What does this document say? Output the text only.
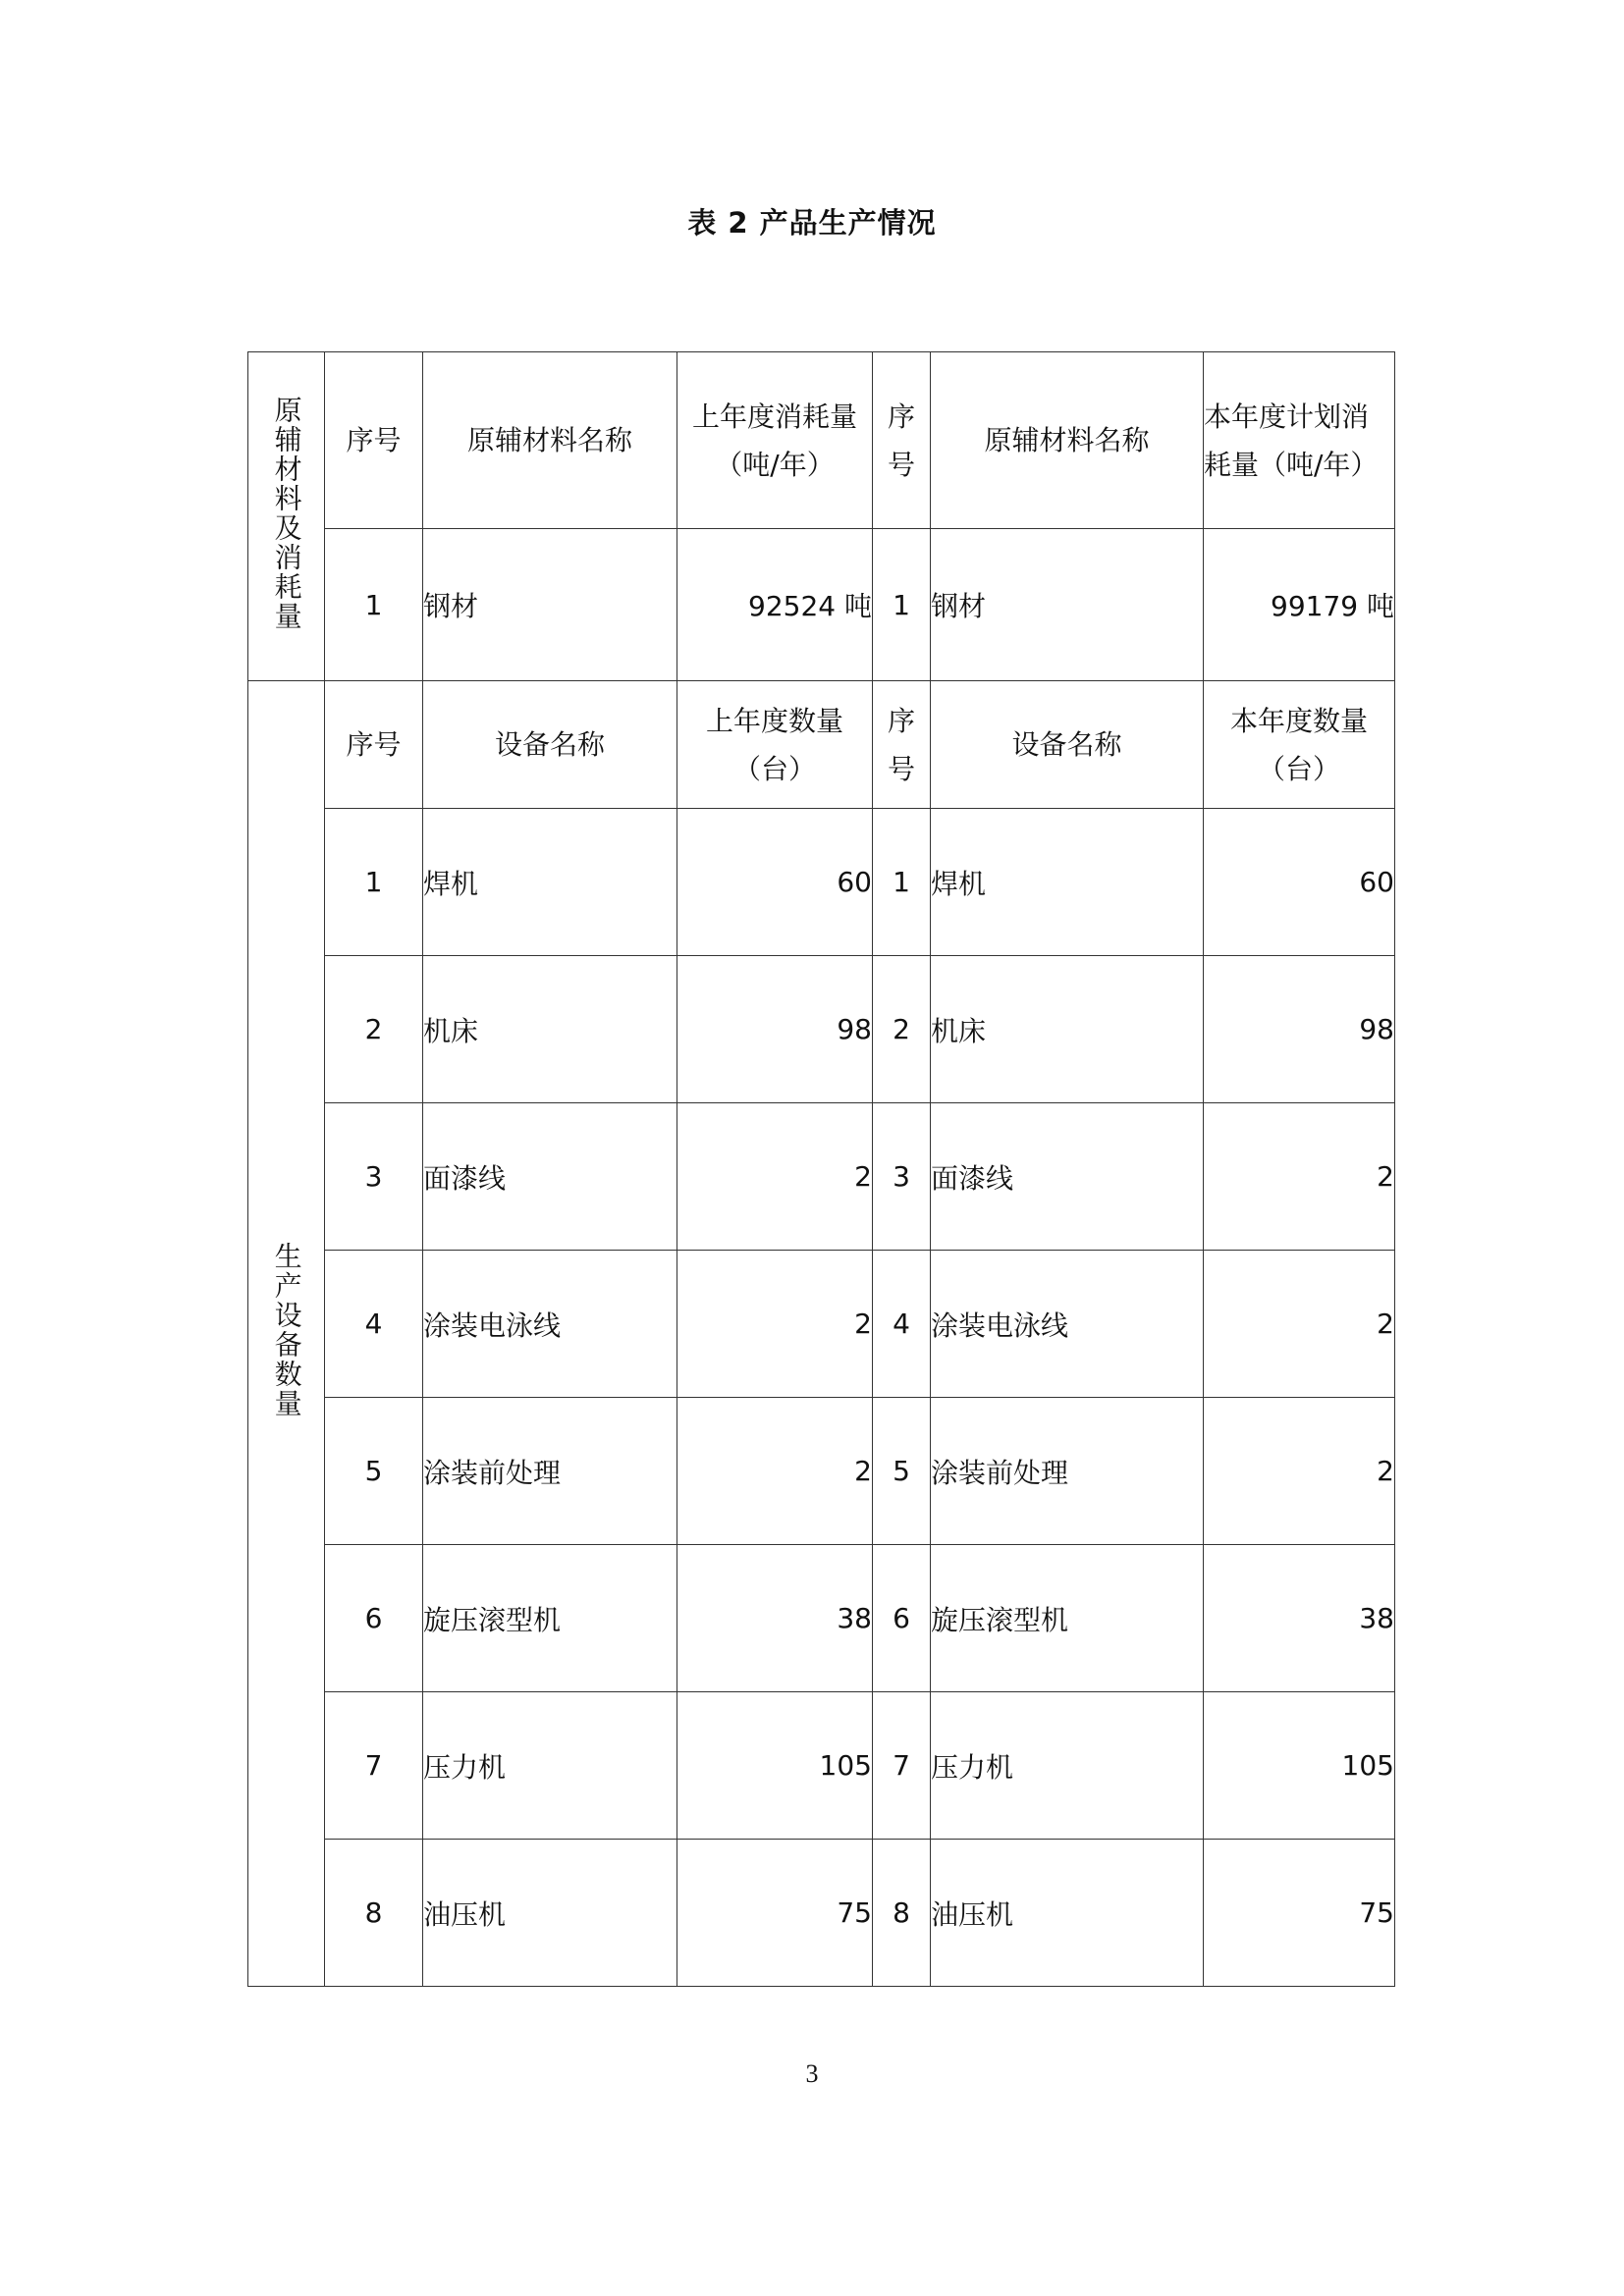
表 2 产品生产情况
原辅材料及消耗量	序号	原辅材料名称	上年度消耗量（吨/年）	序号	原辅材料名称	本年度计划消耗量（吨/年）
	1	钢材	92524 吨	1	钢材	99179 吨
生产设备数量	序号	设备名称	上年度数量（台）	序号	设备名称	本年度数量（台）
	1	焊机	60	1	焊机	60
	2	机床	98	2	机床	98
	3	面漆线	2	3	面漆线	2
	4	涂装电泳线	2	4	涂装电泳线	2
	5	涂装前处理	2	5	涂装前处理	2
	6	旋压滚型机	38	6	旋压滚型机	38
	7	压力机	105	7	压力机	105
	8	油压机	75	8	油压机	75
3
